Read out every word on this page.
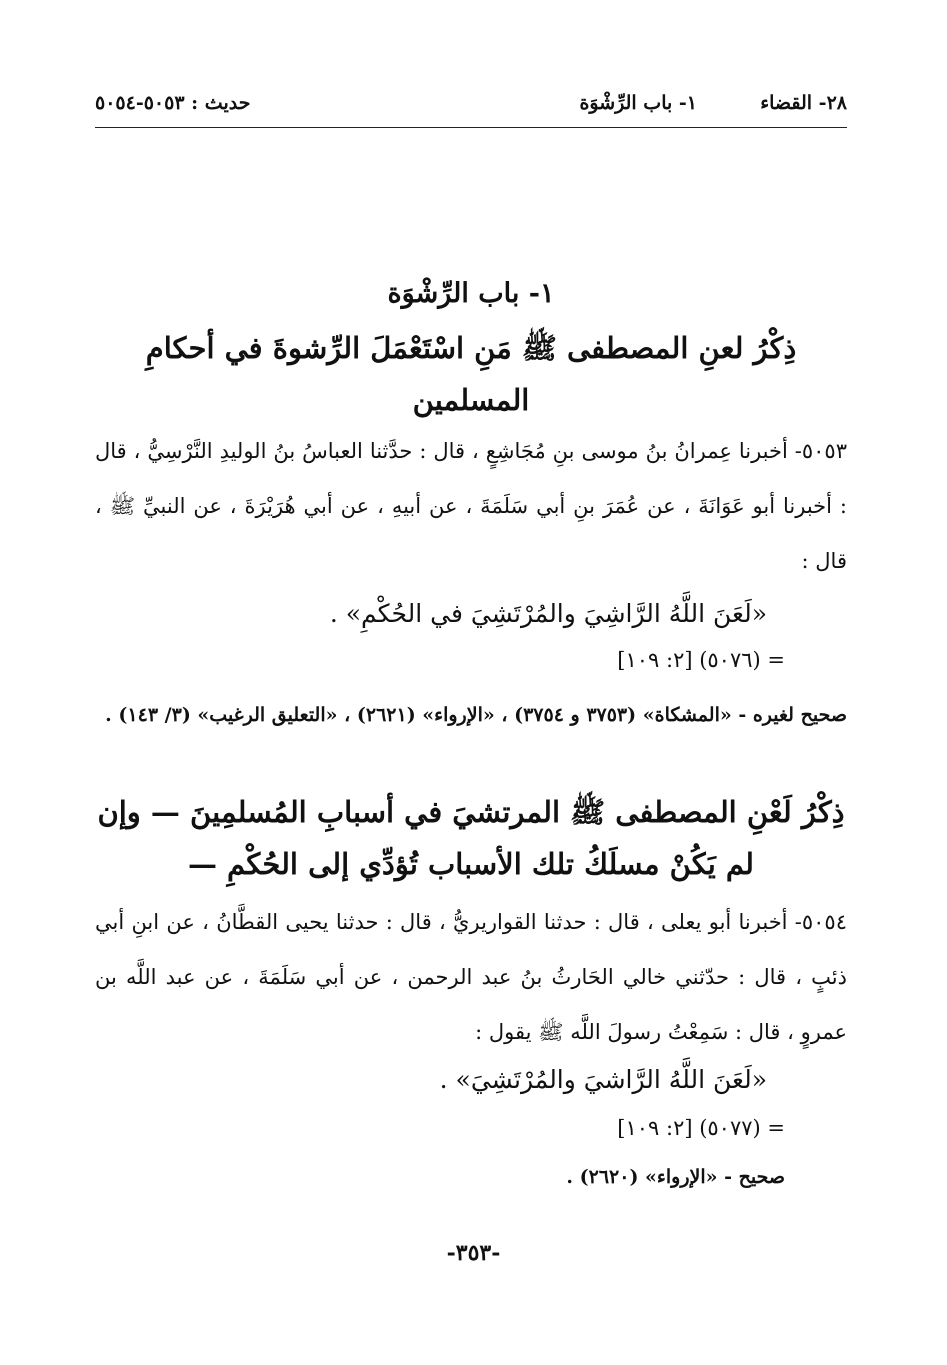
٢٨- القضاء
١- باب الرِّشْوَة
حديث : ٥٠٥٣-٥٠٥٤
١- باب الرِّشْوَة
ذِكْرُ لعنِ المصطفى ﷺ مَنِ اسْتَعْمَلَ الرِّشوةَ في أحكامِ المسلمين
٥٠٥٣- أخبرنا عِمرانُ بنُ موسى بنِ مُجَاشِعٍ ، قال : حدَّثنا العباسُ بنُ الوليدِ النَّرْسِيُّ ، قال : أخبرنا أبو عَوَانَةَ ، عن عُمَرَ بنِ أبي سَلَمَةَ ، عن أبيهِ ، عن أبي هُرَيْرَةَ ، عن النبيِّ ﷺ ، قال :
«لَعَنَ اللَّهُ الرَّاشِيَ والمُرْتَشِيَ في الحُكْمِ» .
= (٥٠٧٦) [٢: ١٠٩]
صحيح لغيره - «المشكاة» (٣٧٥٣ و ٣٧٥٤) ، «الإرواء» (٢٦٢١) ، «التعليق الرغيب» (٣/ ١٤٣) .
ذِكْرُ لَعْنِ المصطفى ﷺ المرتشيَ في أسبابِ المُسلمِينَ — وإن لم يَكُنْ مسلَكُ تلك الأسباب تُؤدِّي إلى الحُكْمِ —
٥٠٥٤- أخبرنا أبو يعلى ، قال : حدثنا القواريريُّ ، قال : حدثنا يحيى القطَّانُ ، عن ابنِ أبي ذئبٍ ، قال : حدّثني خالي الحَارثُ بنُ عبد الرحمن ، عن أبي سَلَمَةَ ، عن عبد اللَّه بن عمروٍ ، قال : سَمِعْتُ رسولَ اللَّه ﷺ يقول :
«لَعَنَ اللَّهُ الرَّاشيَ والمُرْتَشِيَ» .
= (٥٠٧٧) [٢: ١٠٩]
صحيح - «الإرواء» (٢٦٢٠) .
-٣٥٣-
